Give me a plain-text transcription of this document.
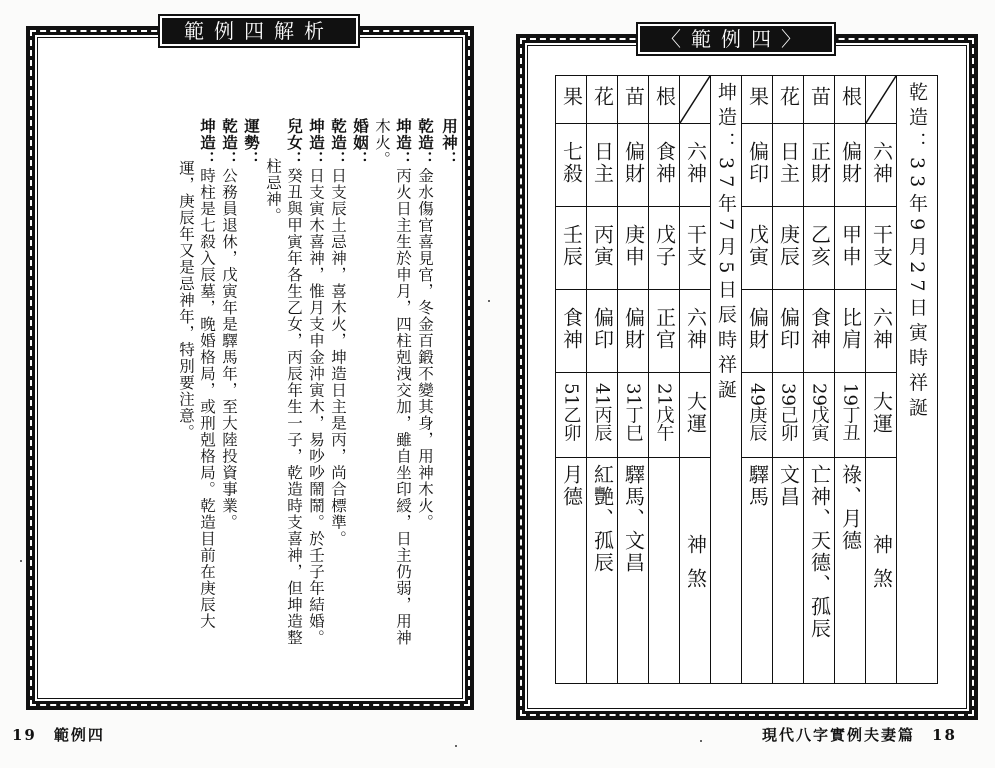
範例四解析
用神：
乾造：金水傷官喜見官，冬金百鍛不變其身，用神木火。
坤造：丙火日主生於申月，四柱剋洩交加，雖自坐印綬，日主仍弱，用神
木火。
婚姻：
乾造：日支辰土忌神，喜木火，坤造日主是丙，尚合標準。
坤造：日支寅木喜神，惟月支申金沖寅木，易吵吵鬧鬧。於壬子年結婚。
兒女：癸丑與甲寅年各生乙女，丙辰年生一子，乾造時支喜神，但坤造整
柱忌神。
運勢：
乾造：公務員退休，戊寅年是驛馬年，至大陸投資事業。
坤造：時柱是七殺入辰墓，晚婚格局，或刑剋格局。乾造目前在庚辰大
運，庚辰年又是忌神年，特別要注意。
19　範例四
〈範例四〉
果	花	苗	根		坤造：37年7月5日辰時祥誕	果	花	苗	根		乾造：33年9月27日寅時祥誕
七殺	日主	偏財	食神	六神		偏印	日主	正財	偏財	六神	
壬辰	丙寅	庚申	戊子	干支		戊寅	庚辰	乙亥	甲申	干支	
食神	偏印	偏財	正官	六神		偏財	偏印	食神	比肩	六神	
51乙卯	41丙辰	31丁巳	21戊午	大運		49庚辰	39己卯	29戊寅	19丁丑	大運	
月德	紅艷、孤辰	驛馬、文昌		神煞		驛馬	文昌	亡神、天德、孤辰	祿、月德	神煞	
現代八字實例夫妻篇　18
